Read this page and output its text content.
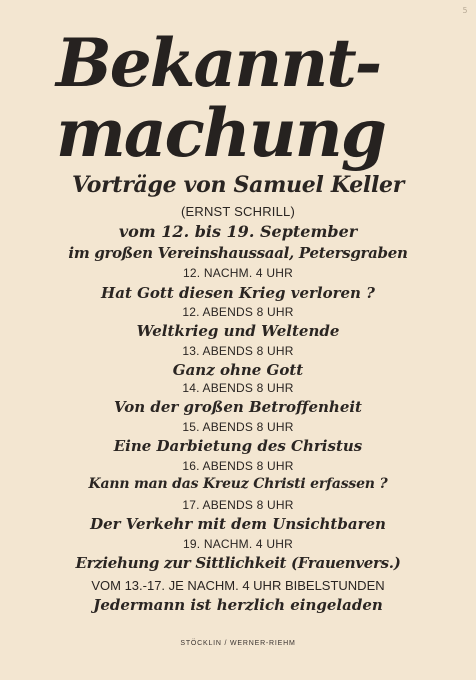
5
Bekannt-
machung
Vorträge von Samuel Keller
(ERNST SCHRILL)
vom 12. bis 19. September
im großen Vereinshaussaal, Petersgraben
12. NACHM. 4 UHR
Hat Gott diesen Krieg verloren ?
12. ABENDS 8 UHR
Weltkrieg und Weltende
13. ABENDS 8 UHR
Ganz ohne Gott
14. ABENDS 8 UHR
Von der großen Betroffenheit
15. ABENDS 8 UHR
Eine Darbietung des Christus
16. ABENDS 8 UHR
Kann man das Kreuz Christi erfassen ?
17. ABENDS 8 UHR
Der Verkehr mit dem Unsichtbaren
19. NACHM. 4 UHR
Erziehung zur Sittlichkeit (Frauenvers.)
VOM 13.-17. JE NACHM. 4 UHR BIBELSTUNDEN
Jedermann ist herzlich eingeladen
STÖCKLIN / WERNER-RIEHM
